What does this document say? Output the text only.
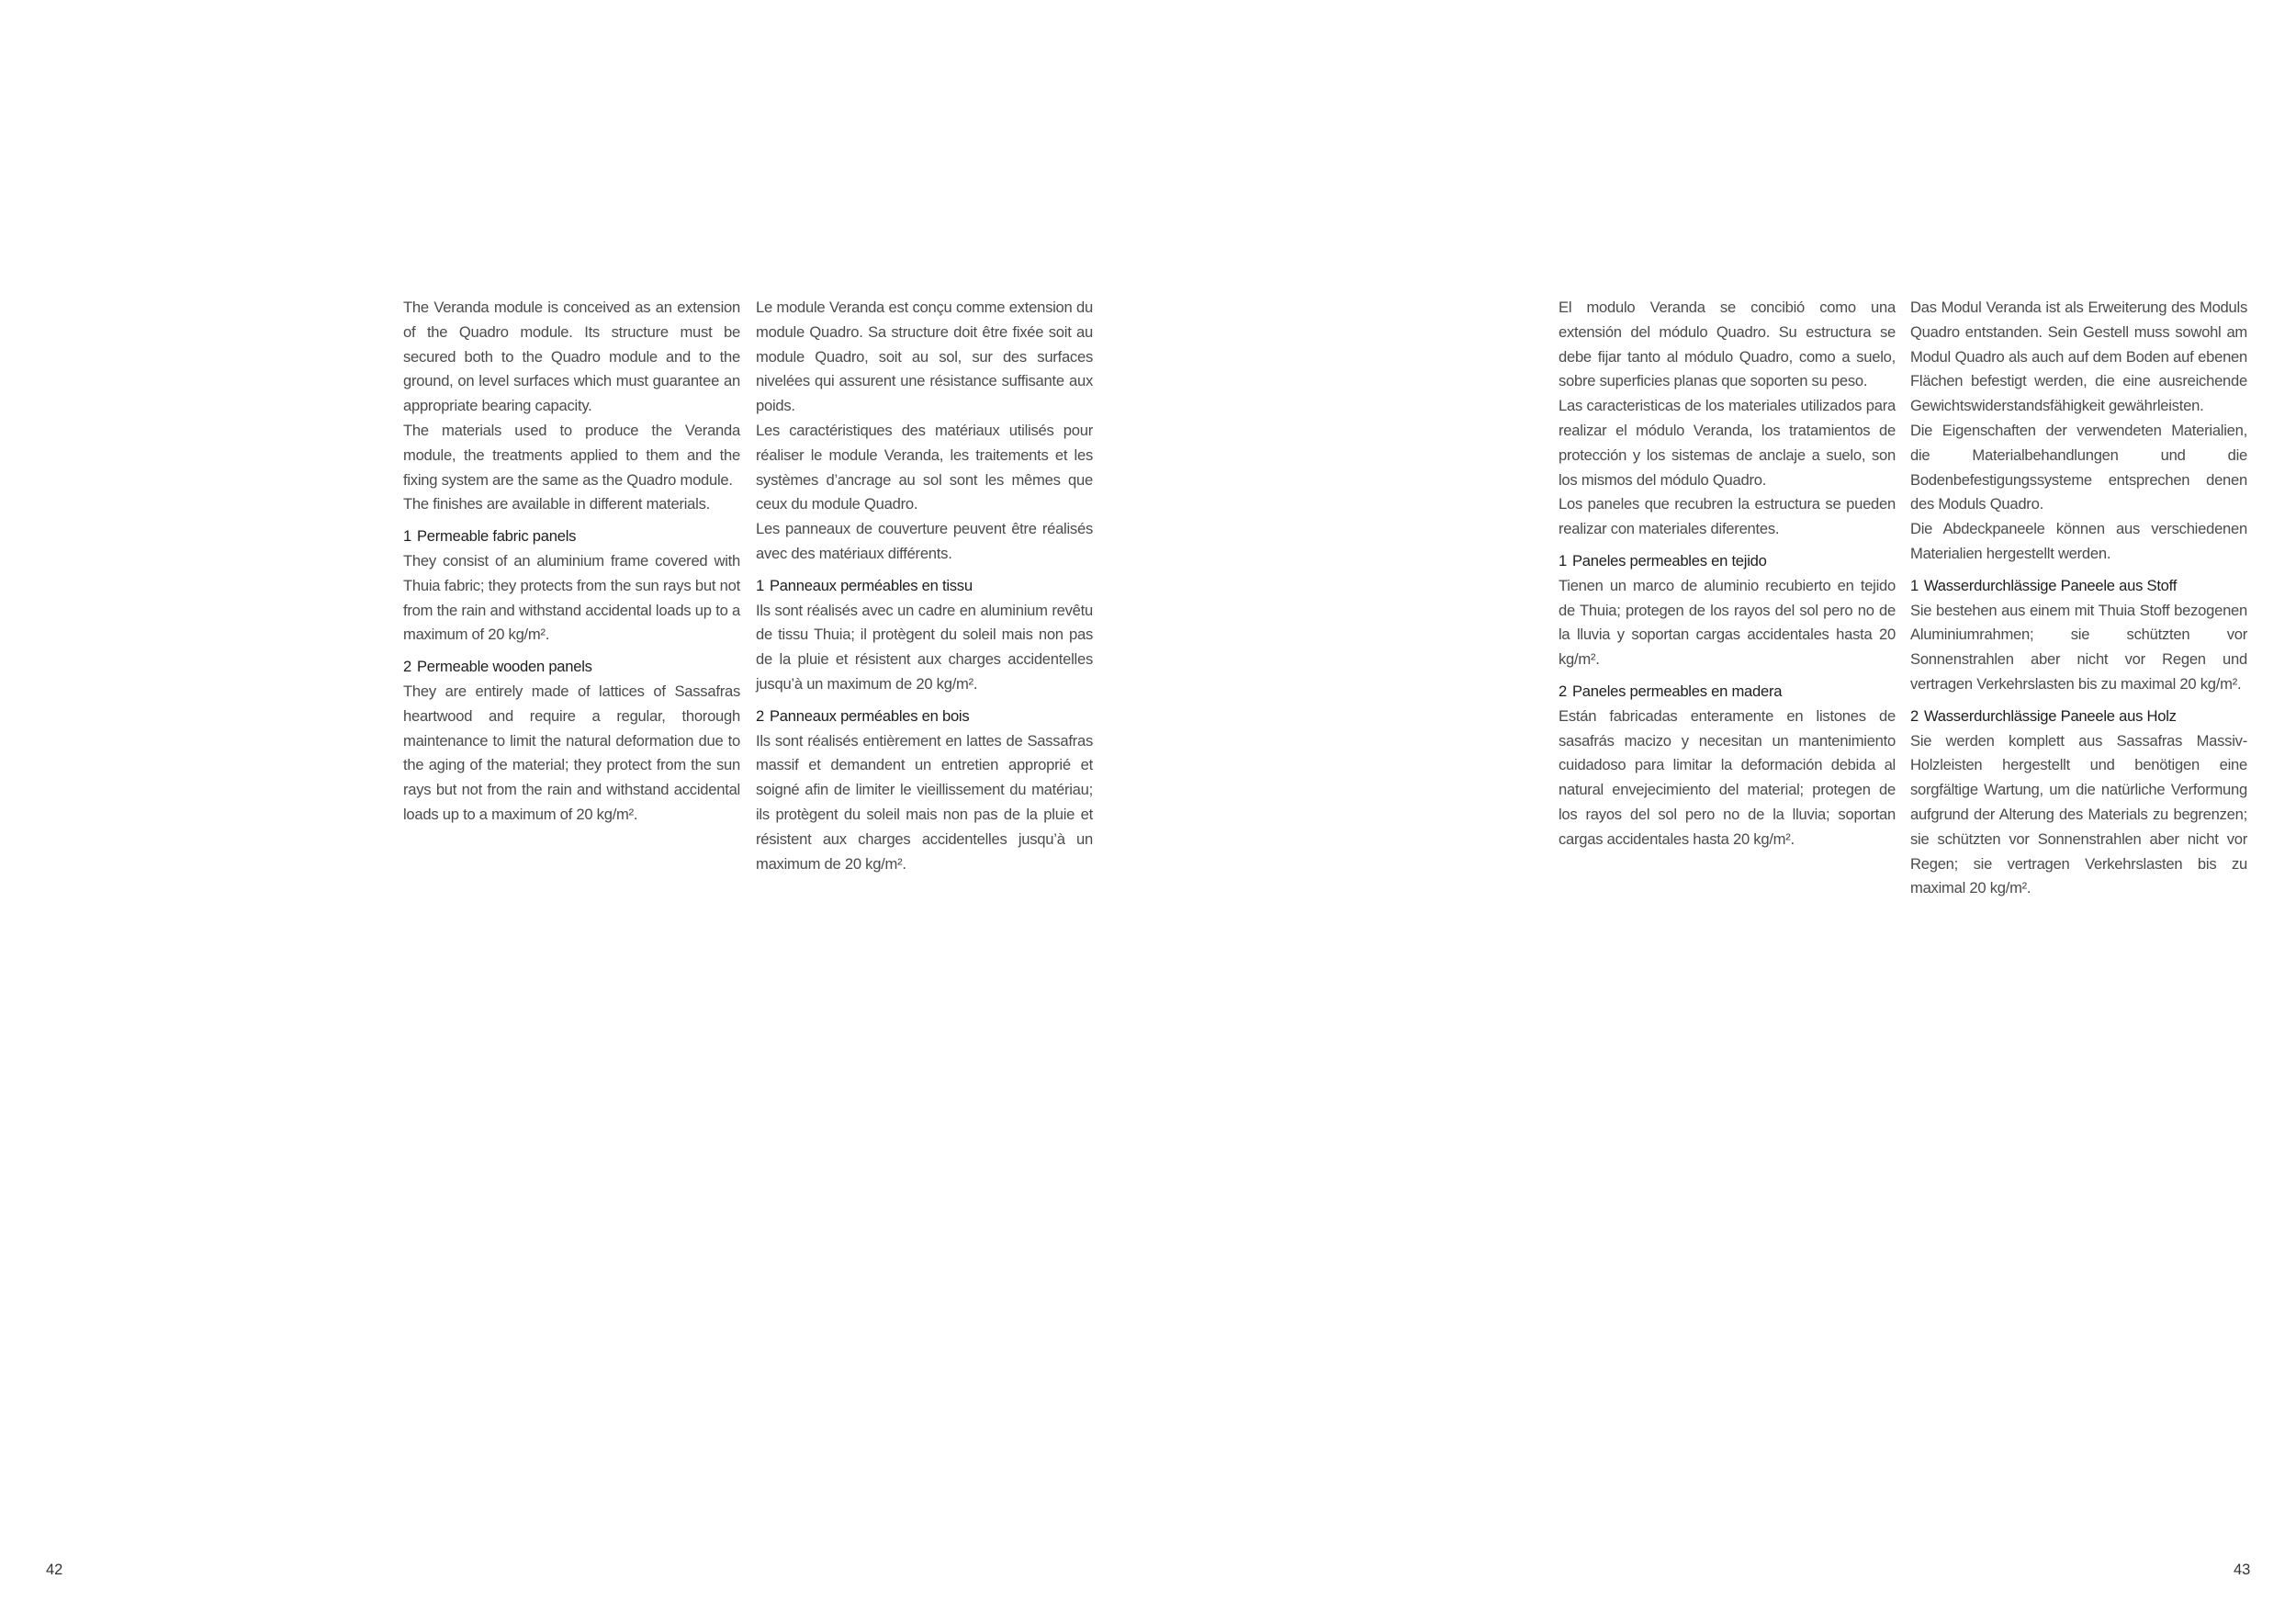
The Veranda module is conceived as an extension of the Quadro module. Its structure must be secured both to the Quadro module and to the ground, on level surfaces which must guarantee an appropriate bearing capacity.

The materials used to produce the Veranda module, the treatments applied to them and the fixing system are the same as the Quadro module.

The finishes are available in different materials.

1 Permeable fabric panels

They consist of an aluminium frame covered with Thuia fabric; they protects from the sun rays but not from the rain and withstand accidental loads up to a maximum of 20 kg/m².

2 Permeable wooden panels

They are entirely made of lattices of Sassafras heartwood and require a regular, thorough maintenance to limit the natural deformation due to the aging of the material; they protect from the sun rays but not from the rain and withstand accidental loads up to a maximum of 20 kg/m².

Le module Veranda est conçu comme extension du module Quadro. Sa structure doit être fixée soit au module Quadro, soit au sol, sur des surfaces nivelées qui assurent une résistance suffisante aux poids.

Les caractéristiques des matériaux utilisés pour réaliser le module Veranda, les traitements et les systèmes d’ancrage au sol sont les mêmes que ceux du module Quadro.

Les panneaux de couverture peuvent être réalisés avec des matériaux différents.

1 Panneaux perméables en tissu

Ils sont réalisés avec un cadre en aluminium revêtu de tissu Thuia; il protègent du soleil mais non pas de la pluie et résistent aux charges accidentelles jusqu’à un maximum de 20 kg/m².

2 Panneaux perméables en bois

Ils sont réalisés entièrement en lattes de Sassafras massif et demandent un entretien approprié et soigné afin de limiter le vieillissement du matériau; ils protègent du soleil mais non pas de la pluie et résistent aux charges accidentelles jusqu’à un maximum de 20 kg/m².

El modulo Veranda se concibió como una extensión del módulo Quadro. Su estructura se debe fijar tanto al módulo Quadro, como a suelo, sobre superficies planas que soporten su peso.

Las caracteristicas de los materiales utilizados para realizar el módulo Veranda, los tratamientos de protección y los sistemas de anclaje a suelo, son los mismos del módulo Quadro.

Los paneles que recubren la estructura se pueden realizar con materiales diferentes.

1 Paneles permeables en tejido

Tienen un marco de aluminio recubierto en tejido de Thuia; protegen de los rayos del sol pero no de la lluvia y soportan cargas accidentales hasta 20 kg/m².

2 Paneles permeables en madera

Están fabricadas enteramente en listones de sasafrás macizo y necesitan un mantenimiento cuidadoso para limitar la deformación debida al natural envejecimiento del material; protegen de los rayos del sol pero no de la lluvia; soportan cargas accidentales hasta 20 kg/m².

Das Modul Veranda ist als Erweiterung des Moduls Quadro entstanden. Sein Gestell muss sowohl am Modul Quadro als auch auf dem Boden auf ebenen Flächen befestigt werden, die eine ausreichende Gewichtswiderstandsfähigkeit gewährleisten.

Die Eigenschaften der verwendeten Materialien, die Materialbehandlungen und die Bodenbefestigungssysteme entsprechen denen des Moduls Quadro.

Die Abdeckpaneele können aus verschiedenen Materialien hergestellt werden.

1 Wasserdurchlässige Paneele aus Stoff

Sie bestehen aus einem mit Thuia Stoff bezogenen Aluminiumrahmen; sie schützten vor Sonnenstrahlen aber nicht vor Regen und vertragen Verkehrslasten bis zu maximal 20 kg/m².

2 Wasserdurchlässige Paneele aus Holz

Sie werden komplett aus Sassafras Massiv-Holzleisten hergestellt und benötigen eine sorgfältige Wartung, um die natürliche Verformung aufgrund der Alterung des Materials zu begrenzen; sie schützten vor Sonnenstrahlen aber nicht vor Regen; sie vertragen Verkehrslasten bis zu maximal 20 kg/m².

42	43
